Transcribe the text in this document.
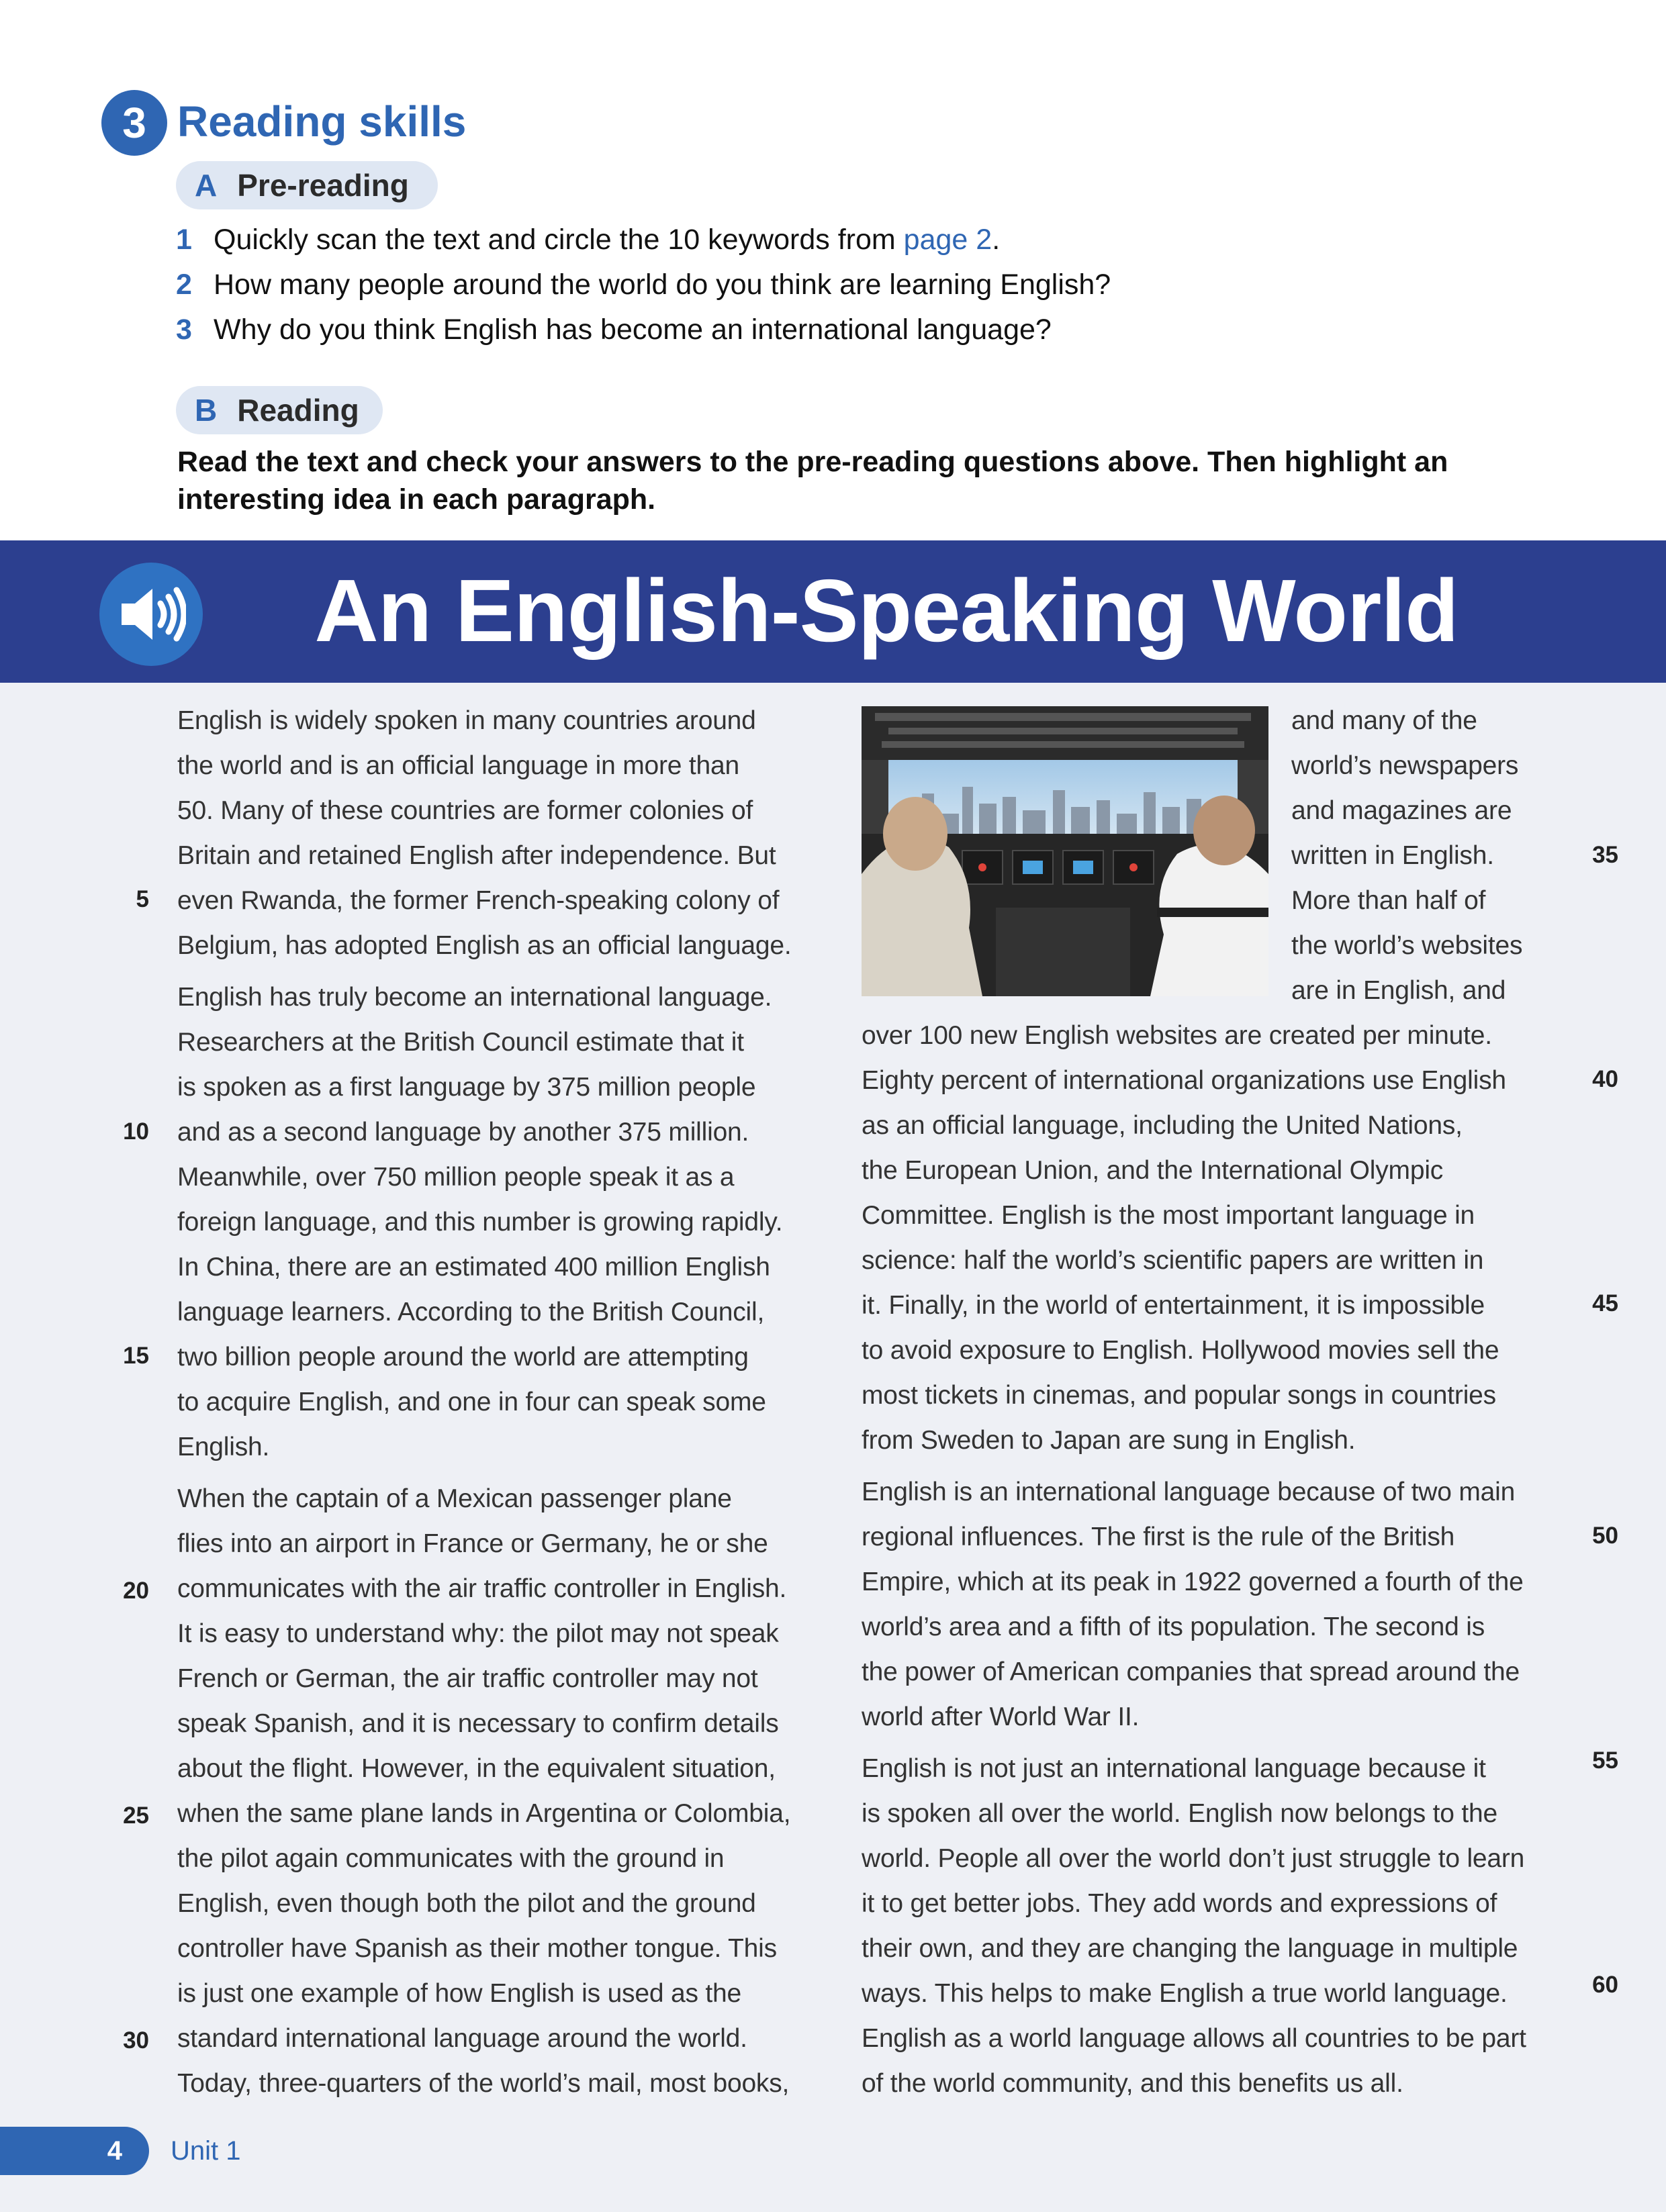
3 Reading skills
A Pre-reading
1 Quickly scan the text and circle the 10 keywords from page 2.
2 How many people around the world do you think are learning English?
3 Why do you think English has become an international language?
B Reading
Read the text and check your answers to the pre-reading questions above. Then highlight an interesting idea in each paragraph.
An English-Speaking World

English is widely spoken in many countries around
the world and is an official language in more than
50. Many of these countries are former colonies of
Britain and retained English after independence. But
even Rwanda, the former French-speaking colony of
Belgium, has adopted English as an official language.

English has truly become an international language.
Researchers at the British Council estimate that it
is spoken as a first language by 375 million people
and as a second language by another 375 million.
Meanwhile, over 750 million people speak it as a
foreign language, and this number is growing rapidly.
In China, there are an estimated 400 million English
language learners. According to the British Council,
two billion people around the world are attempting
to acquire English, and one in four can speak some
English.

When the captain of a Mexican passenger plane
flies into an airport in France or Germany, he or she
communicates with the air traffic controller in English.
It is easy to understand why: the pilot may not speak
French or German, the air traffic controller may not
speak Spanish, and it is necessary to confirm details
about the flight. However, in the equivalent situation,
when the same plane lands in Argentina or Colombia,
the pilot again communicates with the ground in
English, even though both the pilot and the ground
controller have Spanish as their mother tongue. This
is just one example of how English is used as the
standard international language around the world.
Today, three-quarters of the world’s mail, most books,

and many of the
world’s newspapers
and magazines are
written in English.
More than half of
the world’s websites
are in English, and

over 100 new English websites are created per minute.
Eighty percent of international organizations use English
as an official language, including the United Nations,
the European Union, and the International Olympic
Committee. English is the most important language in
science: half the world’s scientific papers are written in
it. Finally, in the world of entertainment, it is impossible
to avoid exposure to English. Hollywood movies sell the
most tickets in cinemas, and popular songs in countries
from Sweden to Japan are sung in English.

English is an international language because of two main
regional influences. The first is the rule of the British
Empire, which at its peak in 1922 governed a fourth of the
world’s area and a fifth of its population. The second is
the power of American companies that spread around the
world after World War II.

English is not just an international language because it
is spoken all over the world. English now belongs to the
world. People all over the world don’t just struggle to learn
it to get better jobs. They add words and expressions of
their own, and they are changing the language in multiple
ways. This helps to make English a true world language.
English as a world language allows all countries to be part
of the world community, and this benefits us all.

5
10
15
20
25
30
35
40
45
50
55
60
4	Unit 1
